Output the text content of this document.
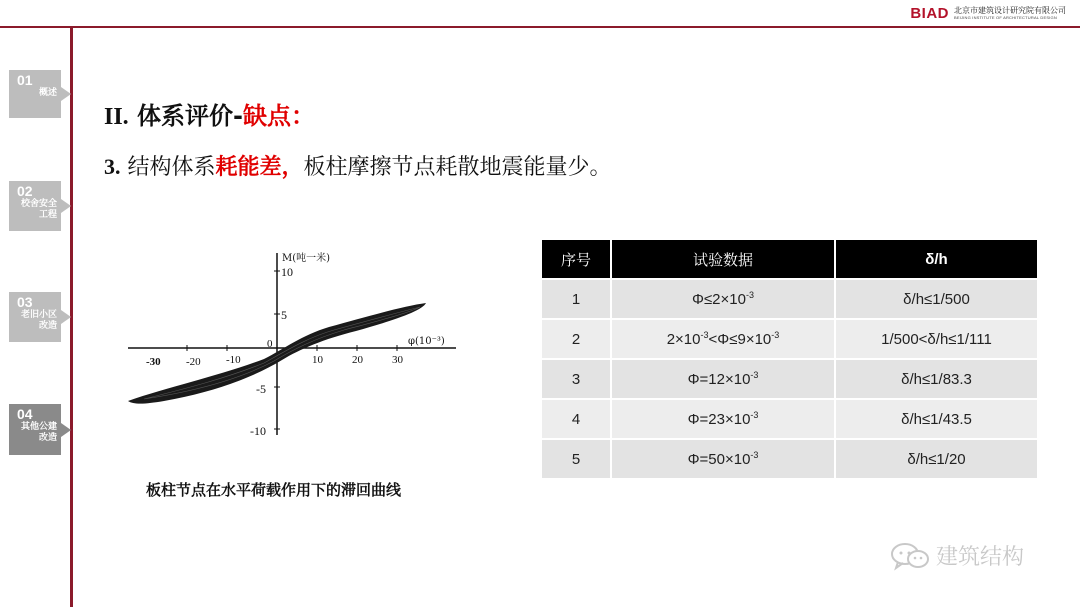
BIAD 北京市建筑设计研究院有限公司
BEIJING INSTITUTE OF ARCHITECTURAL DESIGN
01
概述
02
校舍安全
工程
03
老旧小区
改造
04
其他公建
改造
II. 体系评价-缺点：
3. 结构体系耗能差，板柱摩擦节点耗散地震能量少。
M(吨一米)
φ(10⁻³)
-30 -20 -10
0
10	20	30
10
5
-5
-10
板柱节点在水平荷载作用下的滞回曲线
序号	试验数据	δ/h
1	$\Phi\le 2\times 10^{-3}$	δ/h≤1/500
2	$2\times 10^{-3}<\Phi\le 9\times 10^{-3}$	1/500<δ/h≤1/111
3	$\Phi=12\times 10^{-3}$	δ/h≤1/83.3
4	$\Phi=23\times 10^{-3}$	δ/h≤1/43.5
5	$\Phi=50\times 10^{-3}$	δ/h≤1/20
建筑结构
